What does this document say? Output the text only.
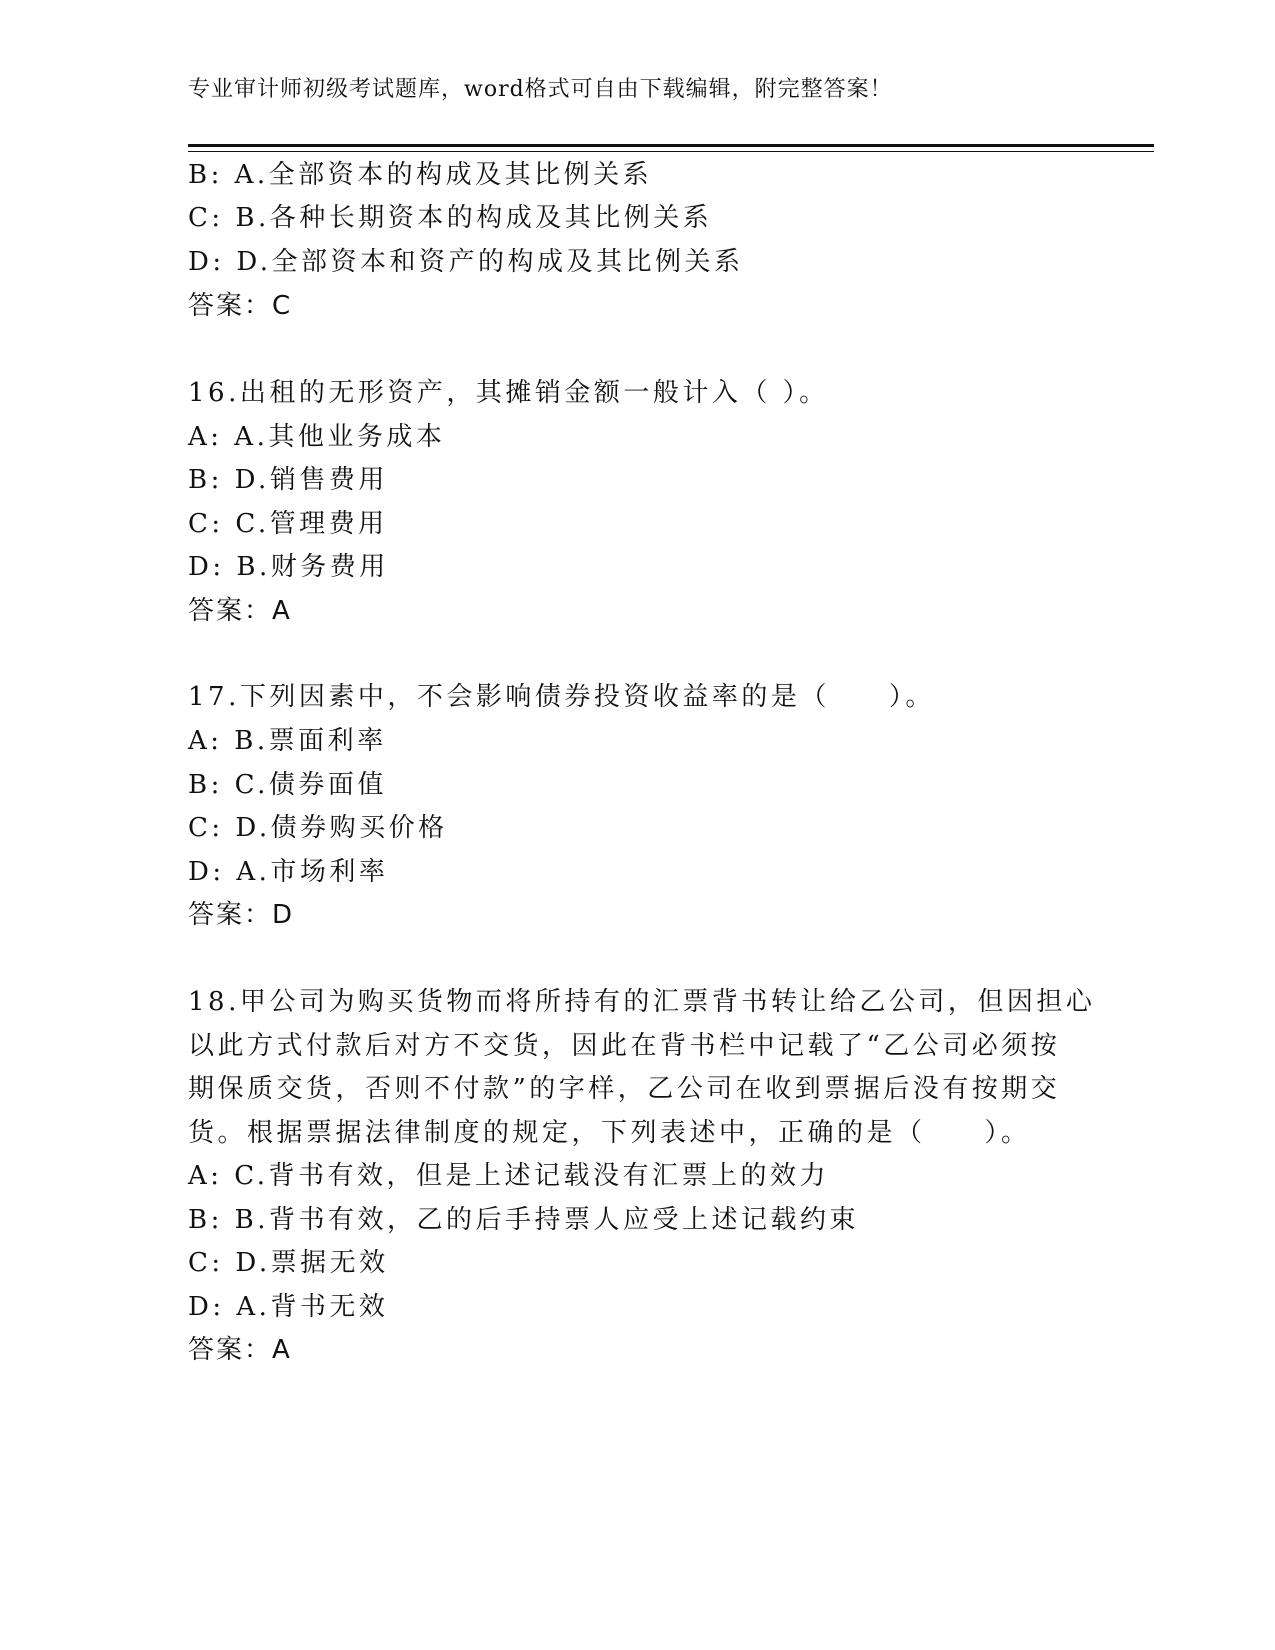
专业审计师初级考试题库，word格式可自由下载编辑，附完整答案！
B: A.全部资本的构成及其比例关系
C: B.各种长期资本的构成及其比例关系
D: D.全部资本和资产的构成及其比例关系
答案：C
16.出租的无形资产，其摊销金额一般计入（ ）。
A: A.其他业务成本
B: D.销售费用
C: C.管理费用
D: B.财务费用
答案：A
17.下列因素中，不会影响债券投资收益率的是（　　）。
A: B.票面利率
B: C.债券面值
C: D.债券购买价格
D: A.市场利率
答案：D
18.甲公司为购买货物而将所持有的汇票背书转让给乙公司，但因担心
以此方式付款后对方不交货，因此在背书栏中记载了“乙公司必须按
期保质交货，否则不付款”的字样，乙公司在收到票据后没有按期交
货。根据票据法律制度的规定，下列表述中，正确的是（　　）。
A: C.背书有效，但是上述记载没有汇票上的效力
B: B.背书有效，乙的后手持票人应受上述记载约束
C: D.票据无效
D: A.背书无效
答案：A
